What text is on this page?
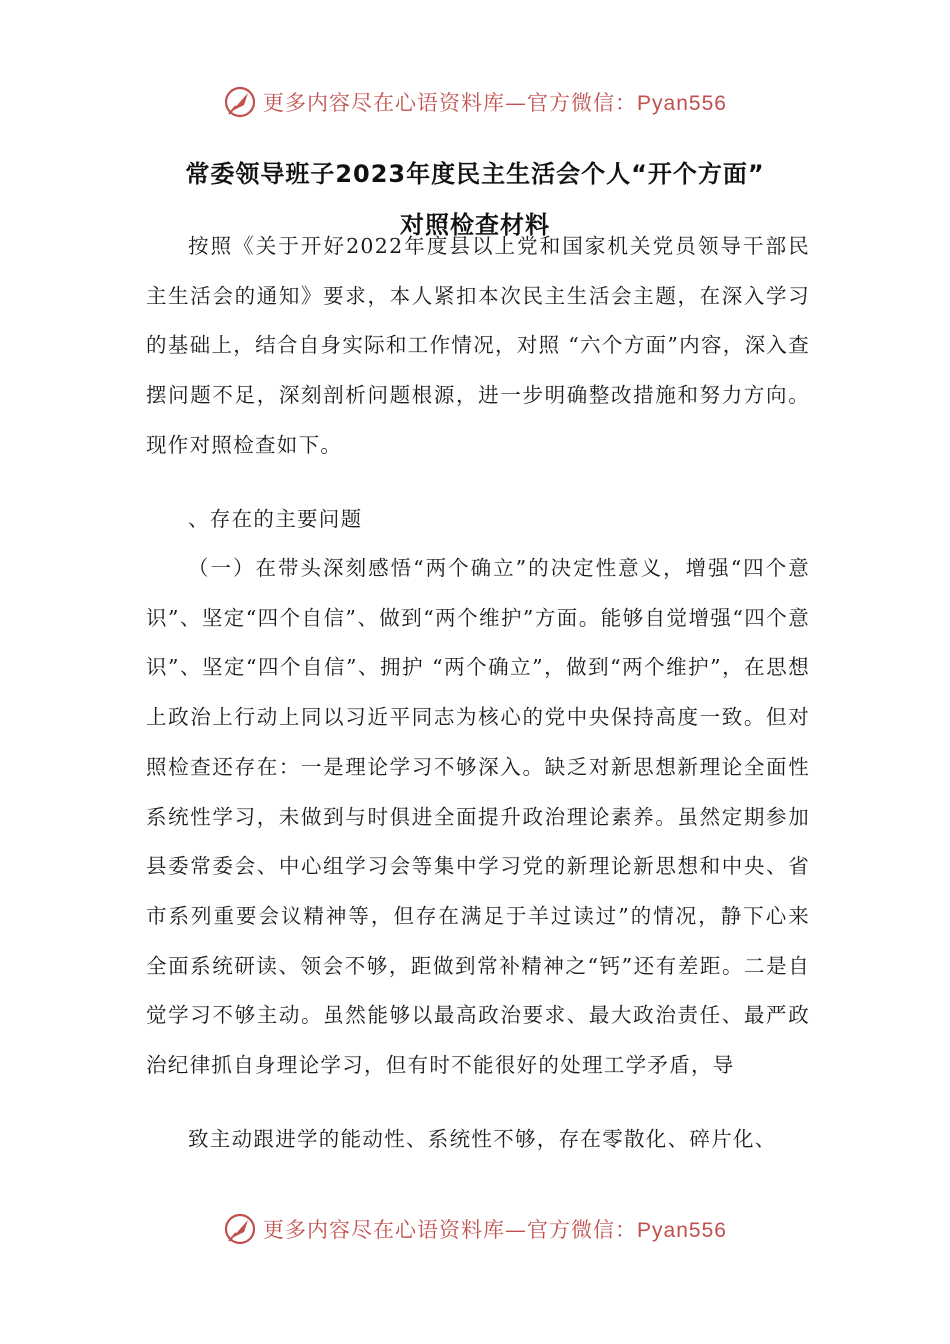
更多内容尽在心语资料库—官方微信：Pyan556
常委领导班子2023年度民主生活会个人“开个方面”
对照检查材料

按照《关于开好2022年度县以上党和国家机关党员领导干部民主生活会的通知》要求，本人紧扣本次民主生活会主题，在深入学习的基础上，结合自身实际和工作情况，对照 “六个方面”内容，深入查摆问题不足，深刻剖析问题根源，进一步明确整改措施和努力方向。现作对照检查如下。

、存在的主要问题

（一）在带头深刻感悟“两个确立”的决定性意义，增强“四个意识”、坚定“四个自信”、做到“两个维护”方面。能够自觉增强“四个意识”、坚定“四个自信”、拥护 “两个确立”，做到“两个维护”，在思想上政治上行动上同以习近平同志为核心的党中央保持高度一致。但对照检查还存在：一是理论学习不够深入。缺乏对新思想新理论全面性系统性学习，未做到与时俱进全面提升政治理论素养。虽然定期参加县委常委会、中心组学习会等集中学习党的新理论新思想和中央、省市系列重要会议精神等，但存在满足于羊过读过”的情况，静下心来全面系统研读、领会不够，距做到常补精神之“钙”还有差距。二是自觉学习不够主动。虽然能够以最高政治要求、最大政治责任、最严政治纪律抓自身理论学习，但有时不能很好的处理工学矛盾，导

致主动跟进学的能动性、系统性不够，存在零散化、碎片化、

更多内容尽在心语资料库—官方微信：Pyan556
